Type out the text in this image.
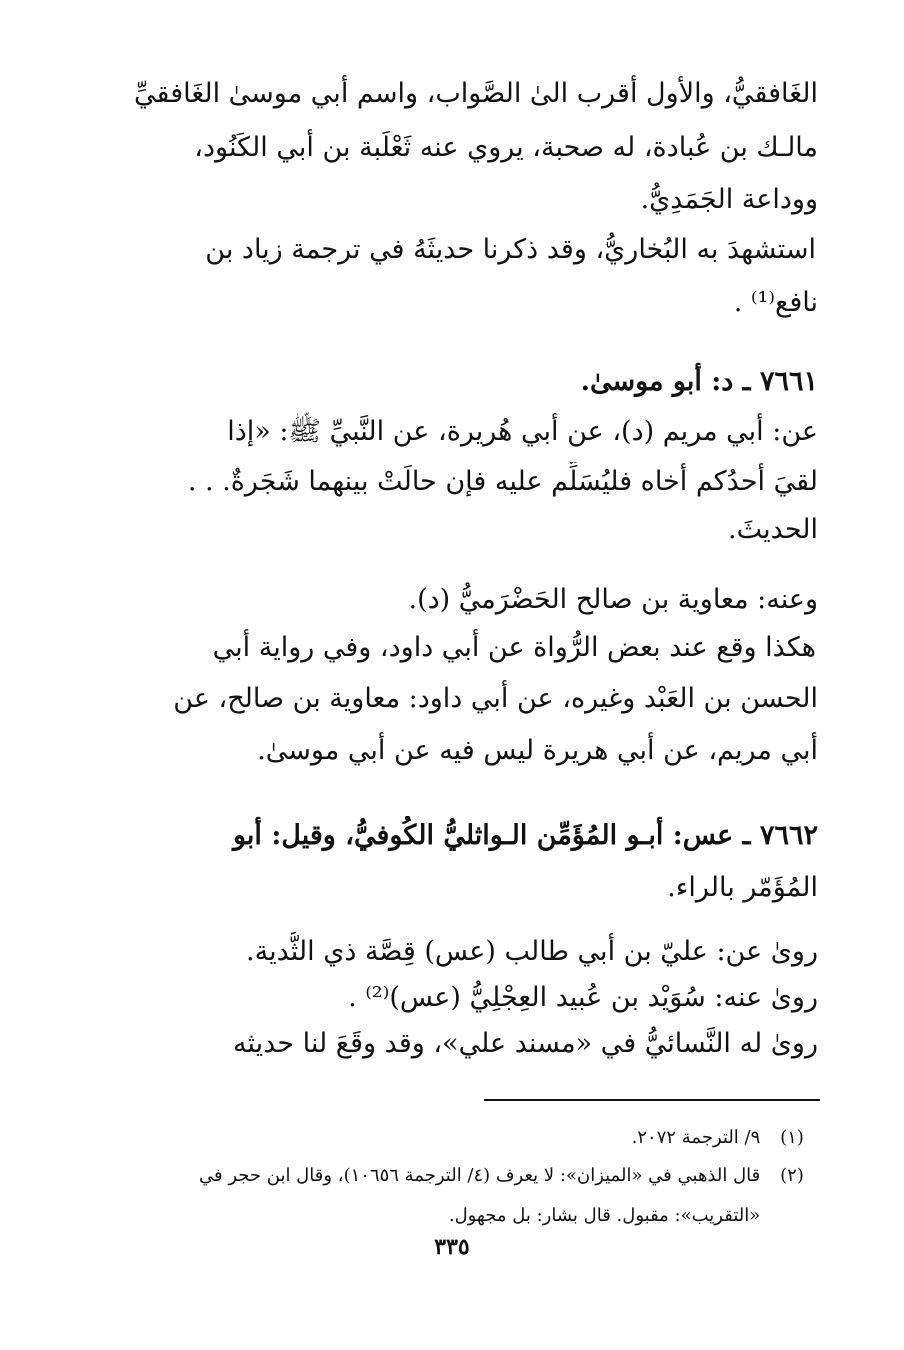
الغَافقيُّ، والأول أقرب الىٰ الصَّواب، واسم أبي موسىٰ الغَافقيِّ
مالـك بن عُبادة، له صحبة، يروي عنه ثَعْلَبة بن أبي الكَنُود،
ووداعة الجَمَدِيُّ.
استشهدَ به البُخاريُّ، وقد ذكرنا حديثَهُ في ترجمة زياد بن
نافع⁽¹⁾ .
٧٦٦١ ـ د: أبو موسىٰ.
عن: أبي مريم (د)، عن أبي هُريرة، عن النَّبيِّ ﷺ: «إذا
لقيَ أحدُكم أخاه فليُسَلِّم عليه فإن حالَتْ بينهما شَجَرةٌ. . .
الحديثَ.
وعنه: معاوية بن صالح الحَضْرَميُّ (د).
هكذا وقع عند بعض الرُّواة عن أبي داود، وفي رواية أبي
الحسن بن العَبْد وغيره، عن أبي داود: معاوية بن صالح، عن
أبي مريم، عن أبي هريرة ليس فيه عن أبي موسىٰ.
٧٦٦٢ ـ عس: أبـو المُؤَمِّن الـواثليُّ الكُوفيُّ، وقيل: أبو
المُؤَمّر بالراء.
روىٰ عن: عليّ بن أبي طالب (عس) قِصَّة ذي الثُّدية.
روىٰ عنه: سُوَيْد بن عُبيد العِجْلِيُّ (عس)⁽²⁾ .
روىٰ له النَّسائيُّ في «مسند علي»، وقد وقَعَ لنا حديثه
(١) ٩/ الترجمة ٢٠٧٢.
(٢) قال الذهبي في «الميزان»: لا يعرف (٤/ الترجمة ١٠٦٥٦)، وقال ابن حجر في
«التقريب»: مقبول. قال بشار: بل مجهول.
٣٣٥
